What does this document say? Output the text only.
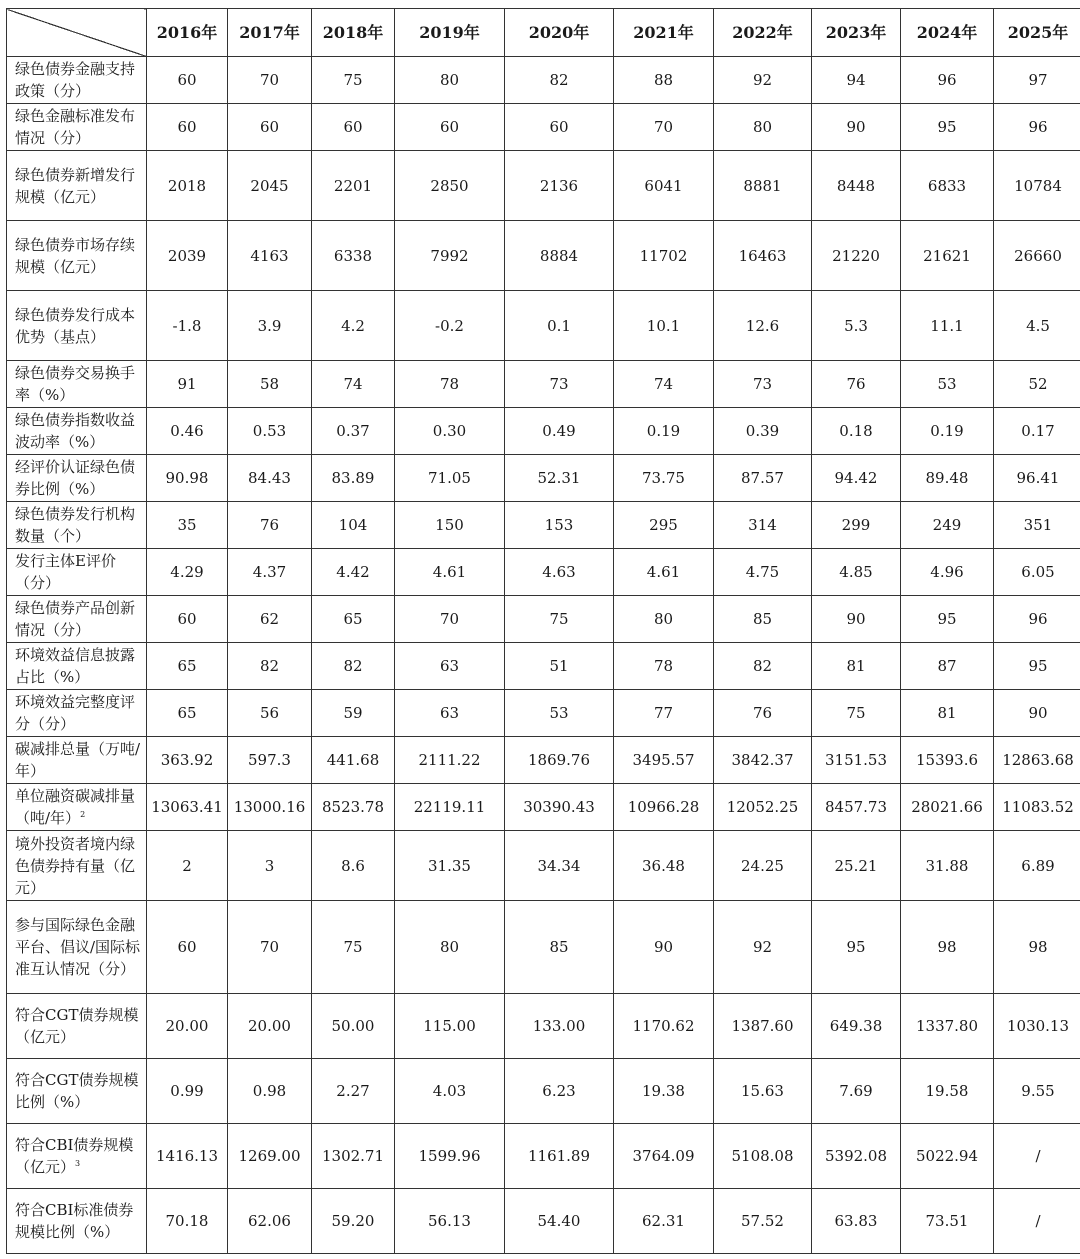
	2016年	2017年	2018年	2019年	2020年	2021年	2022年	2023年	2024年	2025年
绿色债券金融支持政策（分）	60	70	75	80	82	88	92	94	96	97
绿色金融标准发布情况（分）	60	60	60	60	60	70	80	90	95	96
绿色债券新增发行规模（亿元）	2018	2045	2201	2850	2136	6041	8881	8448	6833	10784
绿色债券市场存续规模（亿元）	2039	4163	6338	7992	8884	11702	16463	21220	21621	26660
绿色债券发行成本优势（基点）	-1.8	3.9	4.2	-0.2	0.1	10.1	12.6	5.3	11.1	4.5
绿色债券交易换手率（%）	91	58	74	78	73	74	73	76	53	52
绿色债券指数收益波动率（%）	0.46	0.53	0.37	0.30	0.49	0.19	0.39	0.18	0.19	0.17
经评价认证绿色债券比例（%）	90.98	84.43	83.89	71.05	52.31	73.75	87.57	94.42	89.48	96.41
绿色债券发行机构数量（个）	35	76	104	150	153	295	314	299	249	351
发行主体E评价（分）	4.29	4.37	4.42	4.61	4.63	4.61	4.75	4.85	4.96	6.05
绿色债券产品创新情况（分）	60	62	65	70	75	80	85	90	95	96
环境效益信息披露占比（%）	65	82	82	63	51	78	82	81	87	95
环境效益完整度评分（分）	65	56	59	63	53	77	76	75	81	90
碳减排总量（万吨/年）	363.92	597.3	441.68	2111.22	1869.76	3495.57	3842.37	3151.53	15393.6	12863.68
单位融资碳减排量（吨/年）$^2$	13063.41	13000.16	8523.78	22119.11	30390.43	10966.28	12052.25	8457.73	28021.66	11083.52
境外投资者境内绿色债券持有量（亿元）	2	3	8.6	31.35	34.34	36.48	24.25	25.21	31.88	6.89
参与国际绿色金融平台、倡议/国际标准互认情况（分）	60	70	75	80	85	90	92	95	98	98
符合CGT债券规模（亿元）	20.00	20.00	50.00	115.00	133.00	1170.62	1387.60	649.38	1337.80	1030.13
符合CGT债券规模比例（%）	0.99	0.98	2.27	4.03	6.23	19.38	15.63	7.69	19.58	9.55
符合CBI债券规模（亿元）$^3$	1416.13	1269.00	1302.71	1599.96	1161.89	3764.09	5108.08	5392.08	5022.94	/
符合CBI标准债券规模比例（%）	70.18	62.06	59.20	56.13	54.40	62.31	57.52	63.83	73.51	/
